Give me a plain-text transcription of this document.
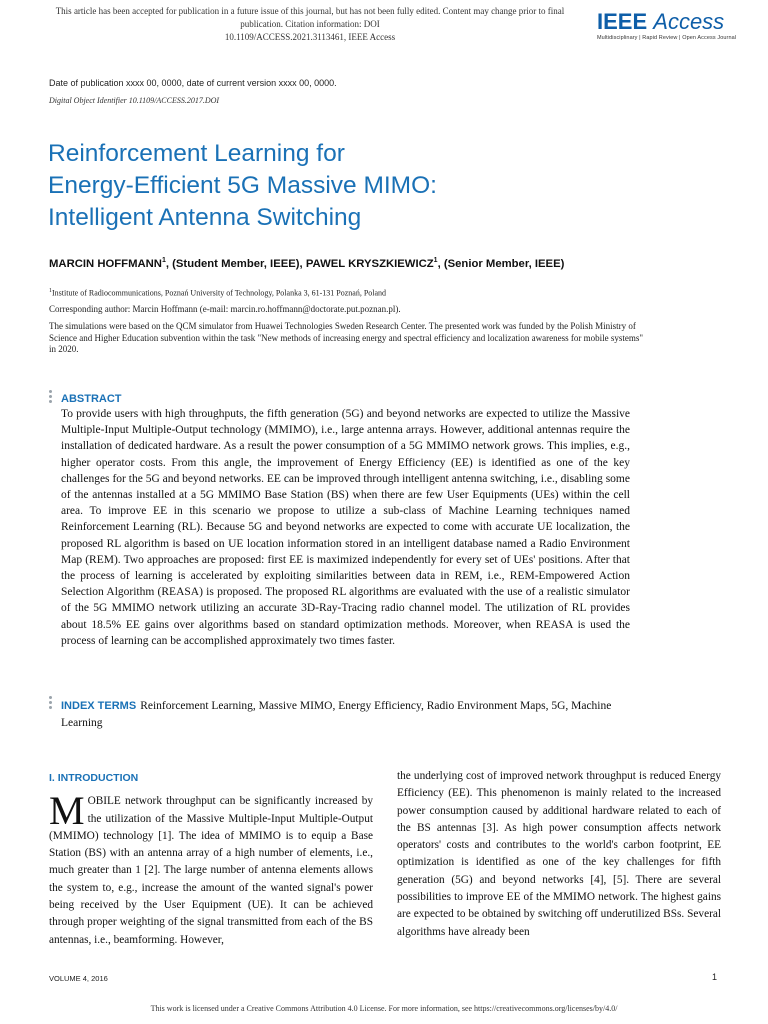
This article has been accepted for publication in a future issue of this journal, but has not been fully edited. Content may change prior to final publication. Citation information: DOI
10.1109/ACCESS.2021.3113461, IEEE Access
IEEE Access
Multidisciplinary | Rapid Review | Open Access Journal
Date of publication xxxx 00, 0000, date of current version xxxx 00, 0000.
Digital Object Identifier 10.1109/ACCESS.2017.DOI
Reinforcement Learning for
Energy-Efficient 5G Massive MIMO:
Intelligent Antenna Switching
MARCIN HOFFMANN$^1$, (Student Member, IEEE), PAWEL KRYSZKIEWICZ$^1$, (Senior Member, IEEE)
$^1$Institute of Radiocommunications, Poznań University of Technology, Polanka 3, 61-131 Poznań, Poland
Corresponding author: Marcin Hoffmann (e-mail: marcin.ro.hoffmann@doctorate.put.poznan.pl).
The simulations were based on the QCM simulator from Huawei Technologies Sweden Research Center. The presented work was funded by the Polish Ministry of Science and Higher Education subvention within the task "New methods of increasing energy and spectral efficiency and localization awareness for mobile systems" in 2020.
ABSTRACT
To provide users with high throughputs, the fifth generation (5G) and beyond networks are expected to utilize the Massive Multiple-Input Multiple-Output technology (MMIMO), i.e., large antenna arrays. However, additional antennas require the installation of dedicated hardware. As a result the power consumption of a 5G MMIMO network grows. This implies, e.g., higher operator costs. From this angle, the improvement of Energy Efficiency (EE) is identified as one of the key challenges for the 5G and beyond networks. EE can be improved through intelligent antenna switching, i.e., disabling some of the antennas installed at a 5G MMIMO Base Station (BS) when there are few User Equipments (UEs) within the cell area. To improve EE in this scenario we propose to utilize a sub-class of Machine Learning techniques named Reinforcement Learning (RL). Because 5G and beyond networks are expected to come with accurate UE localization, the proposed RL algorithm is based on UE location information stored in an intelligent database named a Radio Environment Map (REM). Two approaches are proposed: first EE is maximized independently for every set of UEs' positions. After that the process of learning is accelerated by exploiting similarities between data in REM, i.e., REM-Empowered Action Selection Algorithm (REASA) is proposed. The proposed RL algorithms are evaluated with the use of a realistic simulator of the 5G MMIMO network utilizing an accurate 3D-Ray-Tracing radio channel model. The utilization of RL provides about 18.5% EE gains over algorithms based on standard optimization methods. Moreover, when REASA is used the process of learning can be accomplished approximately two times faster.
INDEX TERMS Reinforcement Learning, Massive MIMO, Energy Efficiency, Radio Environment Maps, 5G, Machine Learning
I. INTRODUCTION

MOBILE network throughput can be significantly increased by the utilization of the Massive Multiple-Input Multiple-Output (MMIMO) technology [1]. The idea of MMIMO is to equip a Base Station (BS) with an antenna array of a high number of elements, i.e., much greater than 1 [2]. The large number of antenna elements allows the system to, e.g., increase the amount of the wanted signal's power being received by the User Equipment (UE). It can be achieved through proper weighting of the signal transmitted from each of the BS antennas, i.e., beamforming. However,

the underlying cost of improved network throughput is reduced Energy Efficiency (EE). This phenomenon is mainly related to the increased power consumption caused by additional hardware related to each of the BS antennas [3]. As high power consumption affects network operators' costs and contributes to the world's carbon footprint, EE optimization is identified as one of the key challenges for fifth generation (5G) and beyond networks [4], [5]. There are several possibilities to improve EE of the MMIMO network. The highest gains are expected to be obtained by switching off underutilized BSs. Several algorithms have already been

VOLUME 4, 2016	1
This work is licensed under a Creative Commons Attribution 4.0 License. For more information, see https://creativecommons.org/licenses/by/4.0/
